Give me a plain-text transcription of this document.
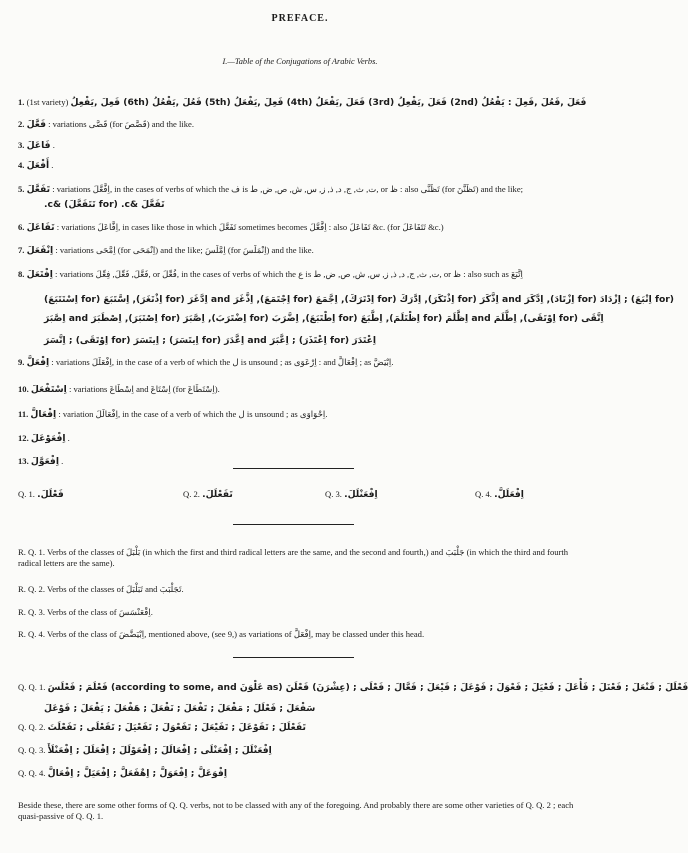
PREFACE.
I.—Table of the Conjugations of Arabic Verbs.
1. (1st variety) فَعَلَ ,فَعُلَ ,فَعِلَ : يَفْعُلُ (2nd) فَعَلَ ,يَفْعِلُ (3rd) فَعَلَ ,يَفْعَلُ (4th) فَعِلَ ,يَفْعَلُ (5th) فَعُلَ ,يَفْعُلُ (6th) فَعِلَ ,يَفْعِلُ
2. فَعَّلَ : variations قَصَّى (for قَصَّصَ) and the like.
3. فَاعَلَ .
4. أَفْعَلَ .
5. تَفَعَّلَ : variations اِفَّعَّلَ, in the cases of verbs of which the ف is ت, ث, ج, د, ذ, ز, س, ش, ص, ض, ط, or ظ : also تَظَنَّى (for تَظَنَّنَ) and the like;
تَفَعَّلَ &c. (for تَتَفَعَّلَ) &c.
6. تَفَاعَلَ : variations اِفَّاعَلَ, in cases like those in which تَفَعَّلَ sometimes becomes اِفَّعَّلَ : also تَفَاعَلَ &c. (for تَتَفَاعَلَ &c.)
7. اِنْفَعَلَ : variations اِمَّحَى (for اِنْمَحَى) and the like; اِمَّلَسَ (for اِنْمَلَسَ) and the like.
8. اِفْتَعَلَ : variations فَعَّلَ, فَعِّلَ, فِعِّلَ, or فُعِّلَ, in the cases of verbs of which the ع is ت, ث, ج, د, ذ, ز, س, ش, ص, ض, ط, or ظ : also such as اِتَّبَعَ
(for اِتْبَعَ) ; اِزْدَادَ (for اِزْتَادَ), اِدَّكَرَ and اِذَّكَرَ (for اِذْتَكَرَ), اِدَّرَكَ (for اِدْتَرَكَ), اِجَّمَعَ (for اِجْتَمَعَ), اِذَّغَرَ and اِدَّغَرَ (for اِذْتَغَرَ), اِسَّتَبَعَ (for اِسْتَتَبَعَ)
اِتَّقَى (for اِوْتَقَى), اِطَّلَمَ and اِظَّلَمَ (for اِظْتَلَمَ), اِطَّبَعَ (for اِطْتَبَعَ), اِضَّرَبَ (for اِضْتَرَبَ), اِصَّبَرَ (for اِصْتَبَرَ), اِصْطَبَرَ and اِصَّبَرَ
اِعْتَدَرَ (for اِعْتَذَرَ) ; اِعَّبَرَ and اِعَّدَرَ (for اِيتَسَرَ) ; اِيتَسَرَ (for اِوْتَقَى) ; اِتَّسَرَ
9. اِفْعَلَّ : variations اِفْعَلَلَ, in the case of a verb of which the ل is unsound ; as اِرْعَوَى : and اِفْعَالَّ ; as اِبْيَضَّ.
10. اِسْتَفْعَلَ : variations اِسْطَاعَ and اِسْتَاعَ (for اِسْتَطَاعَ).
11. اِفْعَالَّ : variation اِفْعَالَلَ, in the case of a verb of which the ل is unsound ; as اِحْوَاوَى.
12. اِفْعَوْعَلَ .
13. اِفْعَوَّلَ .
Q. 1. فَعْلَلَ.	Q. 2. تَفَعْلَلَ.	Q. 3. اِفْعَنْلَلَ.	Q. 4. اِفْعَلَلَّ.
R. Q. 1. Verbs of the classes of بَلْبَلَ (in which the first and third radical letters are the same, and the second and fourth,) and جَلْبَبَ (in which the third and fourth radical letters are the same).
R. Q. 2. Verbs of the classes of تَبَلْبَلَ and تَجَلْبَبَ.
R. Q. 3. Verbs of the class of اِقْعَنْسَسَ.
R. Q. 4. Verbs of the class of اِبْيَضَّضَ, mentioned above, (see 9,) as variations of اِفْعَلَّ, may be classed under this head.
Q. Q. 1. فَعْلَلَ ; فَنْعَلَ ; فَعْنَلَ ; فَأْعَلَ ; فَعْيَلَ ; فَعْوَلَ ; فَوْعَلَ ; فَيْعَلَ ; فَعَّالَ ; فَعْلَى ; (عِشْرَنَ) فَعْلَنَ (as عَلْوَنَ according to some, and) فَعْلَمَ ; فَعْلَسَ
سَفْعَلَ ; فَعْلَلَ ; مَفْعَلَ ; تَفْعَلَ ; نَفْعَلَ ; هَفْعَلَ ; يَفْعَلَ ; فَوْعَلَ
Q. Q. 2. تَفَعْلَلَ ; تَفَوْعَلَ ; تَفَيْعَلَ ; تَفَعْوَلَ ; تَفَعْيَلَ ; تَفَعْلَى ; تَفَعْلَتَ
Q. Q. 3. اِفْعَنْلَلَ ; اِفْعَنْلَى ; اِفْعَالَلَ ; اِفْعَوْلَلَ ; اِفْعَلَلَ ; اِفْعَنْلَأَ
Q. Q. 4. اِفْوَعَلَّ ; اِفْعَوَلَّ ; اِهْفَعَلَّ ; اِفْعَيَلَّ ; اِفْعَالَّ
Beside these, there are some other forms of Q. Q. verbs, not to be classed with any of the foregoing. And probably there are some other varieties of Q. Q. 2 ; each quasi-passive of Q. Q. 1.
